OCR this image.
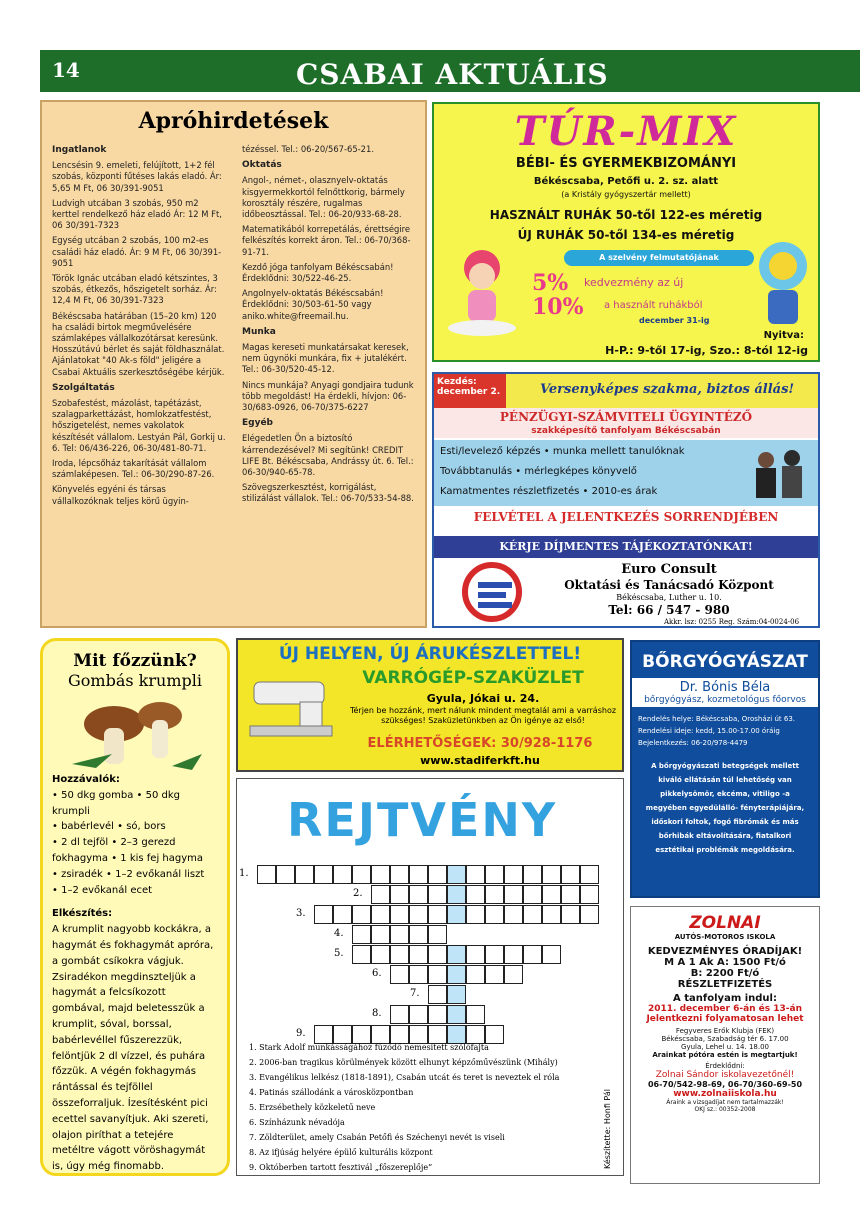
14	CSABAI AKTUÁLIS
Apróhirdetések
Ingatlanok

Lencsésin 9. emeleti, felújított, 1+2 fél szobás, központi fűtéses lakás eladó. Ár: 5,65 M Ft, 06 30/391-9051

Ludvigh utcában 3 szobás, 950 m2 kerttel rendelkező ház eladó Ár: 12 M Ft, 06 30/391-7323

Egység utcában 2 szobás, 100 m2-es családi ház eladó. Ár: 9 M Ft, 06 30/391-9051

Török Ignác utcában eladó kétszintes, 3 szobás, étkezős, hőszigetelt sorház. Ár: 12,4 M Ft, 06 30/391-7323

Békéscsaba határában (15–20 km) 120 ha családi birtok megművelésére számlaképes vállalkozótársat keresünk. Hosszútávú bérlet és saját földhasználat. Ajánlatokat "40 Ak-s föld" jeligére a Csabai Aktuális szerkesztőségébe kérjük.

Szolgáltatás

Szobafestést, mázolást, tapétázást, szalagparkettázást, homlokzatfestést, hőszigetelést, nemes vakolatok készítését vállalom. Lestyán Pál, Gorkij u. 6. Tel: 06/436-226, 06-30/481-80-71.

Iroda, lépcsőház takarítását vállalom számlaképesen. Tel.: 06-30/290-87-26.

Könyvelés egyéni és társas vállalkozóknak teljes körű ügyin-

tézéssel. Tel.: 06-20/567-65-21.

Oktatás

Angol-, német-, olasznyelv-oktatás kisgyermekkortól felnőttkorig, bármely korosztály részére, rugalmas időbeosztással. Tel.: 06-20/933-68-28.

Matematikából korrepetálás, érettségire felkészítés korrekt áron. Tel.: 06-70/368-91-71.

Kezdő jóga tanfolyam Békéscsabán! Érdeklődni: 30/522-46-25.

Angolnyelv-oktatás Békéscsabán! Érdeklődni: 30/503-61-50 vagy aniko.white@freemail.hu.

Munka

Magas kereseti munkatársakat keresek, nem ügynöki munkára, fix + jutalékért. Tel.: 06-30/520-45-12.

Nincs munkája? Anyagi gondjaira tudunk több megoldást! Ha érdekli, hívjon: 06-30/683-0926, 06-70/375-6227

Egyéb

Elégedetlen Ön a biztosító kárrendezésével? Mi segítünk! CREDIT LIFE Bt. Békéscsaba, Andrássy út. 6. Tel.: 06-30/940-65-78.

Szövegszerkesztést, korrigálást, stilizálást vállalok. Tel.: 06-70/533-54-88.

TÚR-MIX
BÉBI- ÉS GYERMEKBIZOMÁNYI
Békéscsaba, Petőfi u. 2. sz. alatt
(a Kristály gyógyszertár mellett)
HASZNÁLT RUHÁK 50-től 122-es méretig
ÚJ RUHÁK 50-től 134-es méretig
A szelvény felmutatójának
5% kedvezmény az új
10% a használt ruhákból
december 31-ig
Nyitva:
H-P.: 9-től 17-ig, Szo.: 8-tól 12-ig
Kezdés: december 2.	Versenyképes szakma, biztos állás!
PÉNZÜGYI-SZÁMVITELI ÜGYINTÉZŐ
szakképesítő tanfolyam Békéscsabán
Esti/levelező képzés • munka mellett tanulóknak
Továbbtanulás • mérlegképes könyvelő
Kamatmentes részletfizetés • 2010-es árak
FELVÉTEL A JELENTKEZÉS SORRENDJÉBEN
KÉRJE DÍJMENTES TÁJÉKOZTATÓNKAT!
Euro Consult
Oktatási és Tanácsadó Központ
Békéscsaba, Luther u. 10.
Tel: 66 / 547 - 980
Akkr. lsz: 0255 Reg. Szám:04-0024-06
Mit főzzünk?
Gombás krumpli
Hozzávalók:
• 50 dkg gomba • 50 dkg krumpli
• babérlevél • só, bors
• 2 dl tejföl • 2–3 gerezd fokhagyma • 1 kis fej hagyma
• zsiradék • 1–2 evőkanál liszt
• 1–2 evőkanál ecet
Elkészítés:
A krumplit nagyobb kockákra, a hagymát és fokhagymát apróra, a gombát csíkokra vágjuk. Zsiradékon megdinszteljük a hagymát a felcsíkozott gombával, majd beletesszük a krumplit, sóval, borssal, babérlevéllel fűszerezzük, felöntjük 2 dl vízzel, és puhára főzzük. A végén fokhagymás rántással és tejföllel összeforraljuk. Ízesítésként pici ecettel savanyítjuk. Aki szereti, olajon piríthat a tetejére metéltre vágott vöröshagymát is, úgy még finomabb.
ÚJ HELYEN, ÚJ ÁRUKÉSZLETTEL!
VARRÓGÉP-SZAKÜZLET
Gyula, Jókai u. 24.
Térjen be hozzánk, mert nálunk mindent megtalál ami a varráshoz szükséges! Szaküzletünkben az Ön igénye az első!
ELÉRHETŐSÉGEK: 30/928-1176
www.stadiferkft.hu
BŐRGYÓGYÁSZAT
Dr. Bónis Béla
bőrgyógyász, kozmetológus főorvos
Rendelés helye: Békéscsaba, Orosházi út 63.
Rendelési ideje: kedd, 15.00-17.00 óráig
Bejelentkezés: 06-20/978-4479
A bőrgyógyászati betegségek mellett kiváló ellátásán túl lehetőség van pikkelysömör, ekcéma, vitiligo -a megyében egyedülálló- fényterápiájára, időskori foltok, fogó fibrómák és más bőrhibák eltávolítására, fiatalkori esztétikai problémák megoldására.
REJTVÉNY
1.
2.
3.
4.
5.
6.
7.
8.
9.
1. Stark Adolf munkásságához fűződő nemesített szőlőfajta
2. 2006-ban tragikus körülmények között elhunyt képzőművészünk (Mihály)
3. Evangélikus lelkész (1818-1891), Csabán utcát és teret is neveztek el róla
4. Patinás szállodánk a városközpontban
5. Erzsébethely közkeletű neve
6. Színházunk névadója
7. Zöldterület, amely Csabán Petőfi és Széchenyi nevét is viseli
8. Az ifjúság helyére épülő kulturális központ
9. Októberben tartott fesztivál „főszereplője”	Készítette: Honfi Pál
ZOLNAI
AUTÓS-MOTOROS ISKOLA
KEDVEZMÉNYES ÓRADÍJAK!
M A 1 Ak A: 1500 Ft/ó
B: 2200 Ft/ó
RÉSZLETFIZETÉS
A tanfolyam indul:
2011. december 6-án és 13-án
Jelentkezni folyamatosan lehet
Fegyveres Erők Klubja (FEK)
Békéscsaba, Szabadság tér 6. 17.00
Gyula, Lehel u. 14. 18.00
Arainkat pótóra estén is megtartjuk!
Érdeklődni:
Zolnai Sándor iskolavezetőnél!
06-70/542-98-69, 06-70/360-69-50
www.zolnaiiskola.hu
Áraink a vizsgadíjat nem tartalmazzák!
OKJ sz.: 00352-2008
